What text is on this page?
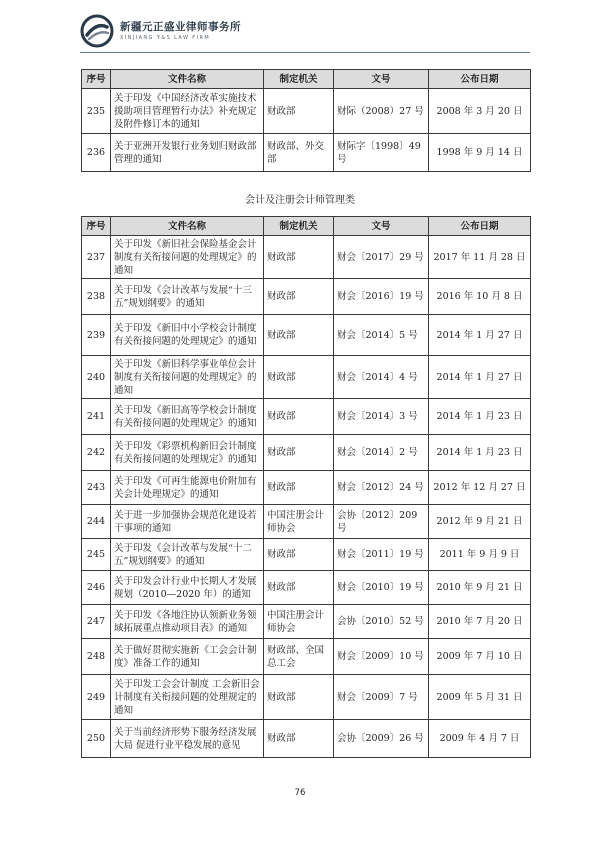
新疆元正盛业律师事务所
XINJIANG Y&S LAW FIRM
序号	文件名称	制定机关	文号	公布日期
235	关于印发《中国经济改革实施技术援助项目管理暂行办法》补充规定及附件修订本的通知	财政部	财际（2008）27 号	2008 年 3 月 20 日
236	关于亚洲开发银行业务划归财政部管理的通知	财政部、外交部	财际字〔1998〕49 号	1998 年 9 月 14 日
会计及注册会计师管理类
序号	文件名称	制定机关	文号	公布日期
237	关于印发《新旧社会保险基金会计制度有关衔接问题的处理规定》的通知	财政部	财会〔2017〕29 号	2017 年 11 月 28 日
238	关于印发《会计改革与发展“十三五”规划纲要》的通知	财政部	财会〔2016〕19 号	2016 年 10 月 8 日
239	关于印发《新旧中小学校会计制度有关衔接问题的处理规定》的通知	财政部	财会〔2014〕5 号	2014 年 1 月 27 日
240	关于印发《新旧科学事业单位会计制度有关衔接问题的处理规定》的通知	财政部	财会〔2014〕4 号	2014 年 1 月 27 日
241	关于印发《新旧高等学校会计制度有关衔接问题的处理规定》的通知	财政部	财会〔2014〕3 号	2014 年 1 月 23 日
242	关于印发《彩票机构新旧会计制度有关衔接问题的处理规定》的通知	财政部	财会〔2014〕2 号	2014 年 1 月 23 日
243	关于印发《可再生能源电价附加有关会计处理规定》的通知	财政部	财会〔2012〕24 号	2012 年 12 月 27 日
244	关于进一步加强协会规范化建设若干事项的通知	中国注册会计师协会	会协〔2012〕209 号	2012 年 9 月 21 日
245	关于印发《会计改革与发展“十二五”规划纲要》的通知	财政部	财会〔2011〕19 号	2011 年 9 月 9 日
246	关于印发会计行业中长期人才发展规划（2010—2020 年）的通知	财政部	财会〔2010〕19 号	2010 年 9 月 21 日
247	关于印发《各地注协认领新业务领域拓展重点推动项目表》的通知	中国注册会计师协会	会协〔2010〕52 号	2010 年 7 月 20 日
248	关于做好贯彻实施新《工会会计制度》准备工作的通知	财政部、全国总工会	财会〔2009〕10 号	2009 年 7 月 10 日
249	关于印发工会会计制度 工会新旧会计制度有关衔接问题的处理规定的通知	财政部	财会〔2009〕7 号	2009 年 5 月 31 日
250	关于当前经济形势下服务经济发展大局 促进行业平稳发展的意见	财政部	会协〔2009〕26 号	2009 年 4 月 7 日
76
